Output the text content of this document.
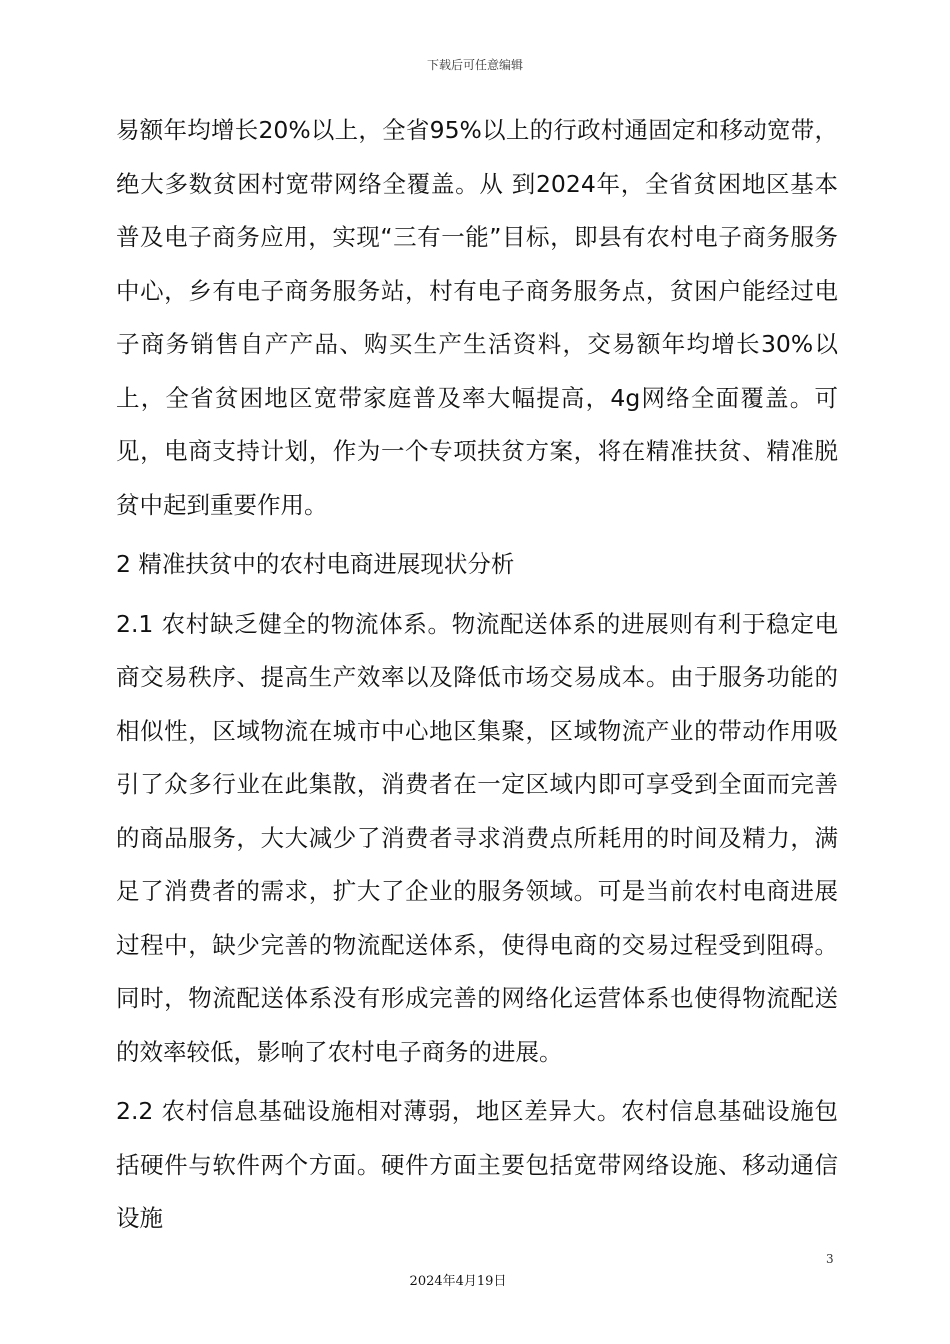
下载后可任意编辑

易额年均增长20%以上，全省95%以上的行政村通固定和移动宽带，绝大多数贫困村宽带网络全覆盖。从 到2024年，全省贫困地区基本普及电子商务应用，实现“三有一能”目标，即县有农村电子商务服务中心，乡有电子商务服务站，村有电子商务服务点，贫困户能经过电子商务销售自产产品、购买生产生活资料，交易额年均增长30%以上，全省贫困地区宽带家庭普及率大幅提高，4g网络全面覆盖。可见，电商支持计划，作为一个专项扶贫方案，将在精准扶贫、精准脱贫中起到重要作用。

2 精准扶贫中的农村电商进展现状分析

2.1 农村缺乏健全的物流体系。物流配送体系的进展则有利于稳定电商交易秩序、提高生产效率以及降低市场交易成本。由于服务功能的相似性，区域物流在城市中心地区集聚，区域物流产业的带动作用吸引了众多行业在此集散，消费者在一定区域内即可享受到全面而完善的商品服务，大大减少了消费者寻求消费点所耗用的时间及精力，满足了消费者的需求，扩大了企业的服务领域。可是当前农村电商进展过程中，缺少完善的物流配送体系，使得电商的交易过程受到阻碍。同时，物流配送体系没有形成完善的网络化运营体系也使得物流配送的效率较低，影响了农村电子商务的进展。

2.2 农村信息基础设施相对薄弱，地区差异大。农村信息基础设施包括硬件与软件两个方面。硬件方面主要包括宽带网络设施、移动通信设施

3
2024年4月19日
